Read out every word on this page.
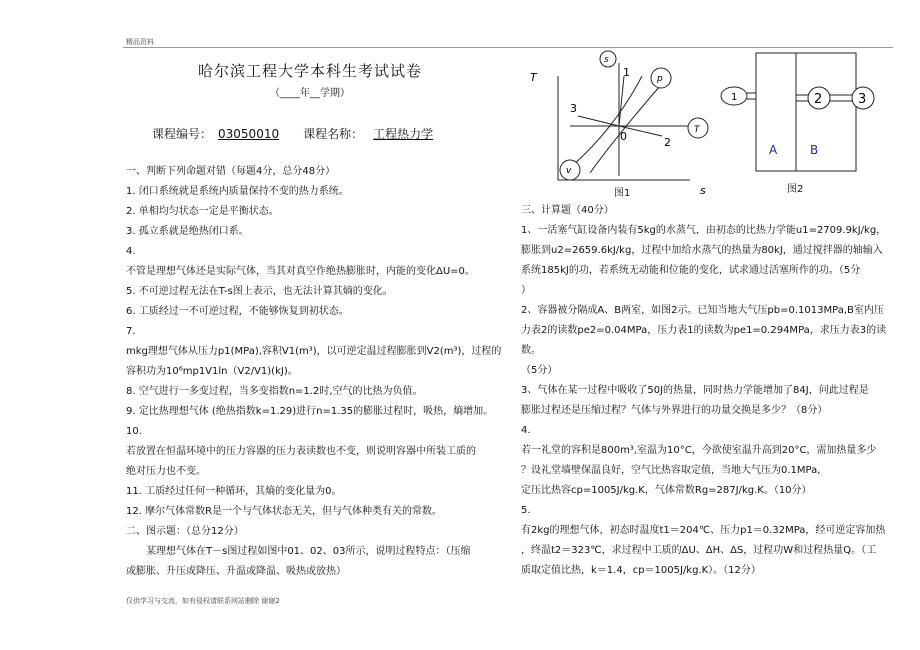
精品资料
哈尔滨工程大学本科生考试试卷
（____年__学期）
课程编号： 03050010 课程名称： 工程热力学

一、判断下列命题对错（每题4分，总分48分）

1. 闭口系统就是系统内质量保持不变的热力系统。

2. 单相均匀状态一定是平衡状态。

3. 孤立系就是绝热闭口系。

4.

不管是理想气体还是实际气体，当其对真空作绝热膨胀时，内能的变化ΔU=0。

5. 不可逆过程无法在T-s图上表示，也无法计算其熵的变化。

6. 工质经过一不可逆过程，不能够恢复到初状态。

7.

mkg理想气体从压力p1(MPa),容积V1(m³)，以可逆定温过程膨胀到V2(m³)，过程的

容积功为10⁶mp1V1ln（V2/V1)(kJ)。

8. 空气进行一多变过程，当多变指数n=1.2时,空气的比热为负值。

9. 定比热理想气体 (绝热指数k=1.29)进行n=1.35的膨胀过程时，吸热，熵增加。

10.

若放置在恒温环境中的压力容器的压力表读数也不变，则说明容器中所装工质的

绝对压力也不变。

11. 工质经过任何一种循环，其熵的变化量为0。

12. 摩尔气体常数R是一个与气体状态无关，但与气体种类有关的常数。

二、图示题：（总分12分）

　　某理想气体在T－s图过程如图中01、02、03所示，说明过程特点：（压缩

或膨胀、升压或降压、升温或降温、吸热或放热）

三、计算题（40分）

1、一活塞气缸设备内装有5kg的水蒸气，由初态的比热力学能u1=2709.9kJ/kg，

膨胀到u2=2659.6kJ/kg，过程中加给水蒸气的热量为80kJ，通过搅拌器的轴输入

系统185kJ的功，若系统无动能和位能的变化，试求通过活塞所作的功。（5分

）

2、容器被分隔成A、B两室，如图2示。已知当地大气压pb=0.1013MPa,B室内压

力表2的读数pe2=0.04MPa，压力表1的读数为pe1=0.294MPa，求压力表3的读数。

（5分）

3、气体在某一过程中吸收了50J的热量，同时热力学能增加了84J，问此过程是

膨胀过程还是压缩过程？气体与外界进行的功量交换是多少？（8分）

4.

若一礼堂的容积是800m³,室温为10°C，今欲使室温升高到20°C，需加热量多少

？设礼堂墙壁保温良好，空气比热容取定值，当地大气压为0.1MPa,

定压比热容cp=1005J/kg.K，气体常数Rg=287J/kg.K。（10分）

5.

有2kg的理想气体，初态时温度t1＝204℃、压力p1＝0.32MPa，经可逆定容加热

，终温t2＝323℃，求过程中工质的ΔU、ΔH、ΔS，过程功W和过程热量Q。（工

质取定值比热，k＝1.4，cp＝1005J/kg.K）。（12分）

T
s
s
p
T
v
1
2
3
0
图1
1	2	3
A	B
图2
仅供学习与交流，如有侵权请联系网站删除 谢谢2
